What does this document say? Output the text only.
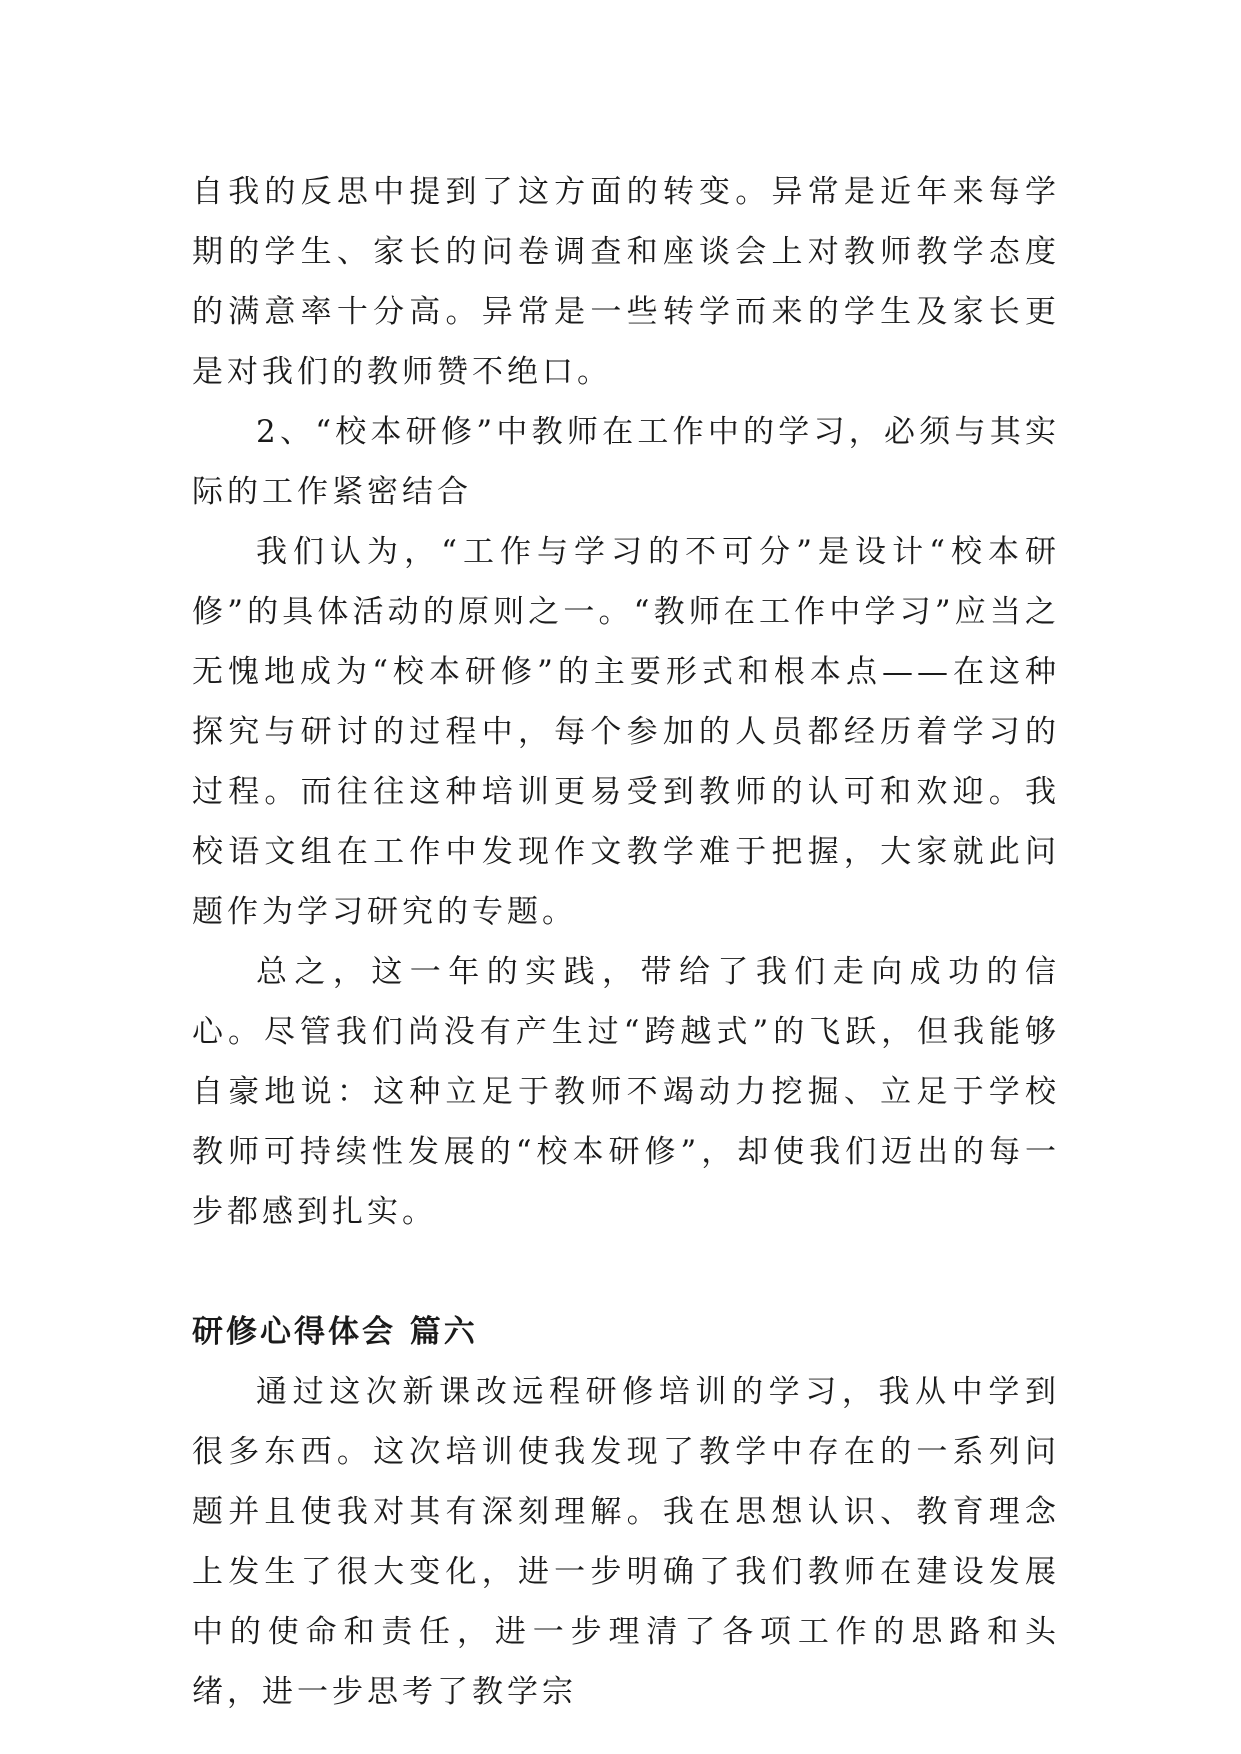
自我的反思中提到了这方面的转变。异常是近年来每学期的学生、家长的问卷调查和座谈会上对教师教学态度的满意率十分高。异常是一些转学而来的学生及家长更是对我们的教师赞不绝口。

2、“校本研修”中教师在工作中的学习，必须与其实际的工作紧密结合

我们认为，“工作与学习的不可分”是设计“校本研修”的具体活动的原则之一。“教师在工作中学习”应当之无愧地成为“校本研修”的主要形式和根本点——在这种探究与研讨的过程中，每个参加的人员都经历着学习的过程。而往往这种培训更易受到教师的认可和欢迎。我校语文组在工作中发现作文教学难于把握，大家就此问题作为学习研究的专题。

总之，这一年的实践，带给了我们走向成功的信心。尽管我们尚没有产生过“跨越式”的飞跃，但我能够自豪地说：这种立足于教师不竭动力挖掘、立足于学校教师可持续性发展的“校本研修”，却使我们迈出的每一步都感到扎实。

研修心得体会 篇六

通过这次新课改远程研修培训的学习，我从中学到很多东西。这次培训使我发现了教学中存在的一系列问题并且使我对其有深刻理解。我在思想认识、教育理念上发生了很大变化，进一步明确了我们教师在建设发展中的使命和责任，进一步理清了各项工作的思路和头绪，进一步思考了教学宗
